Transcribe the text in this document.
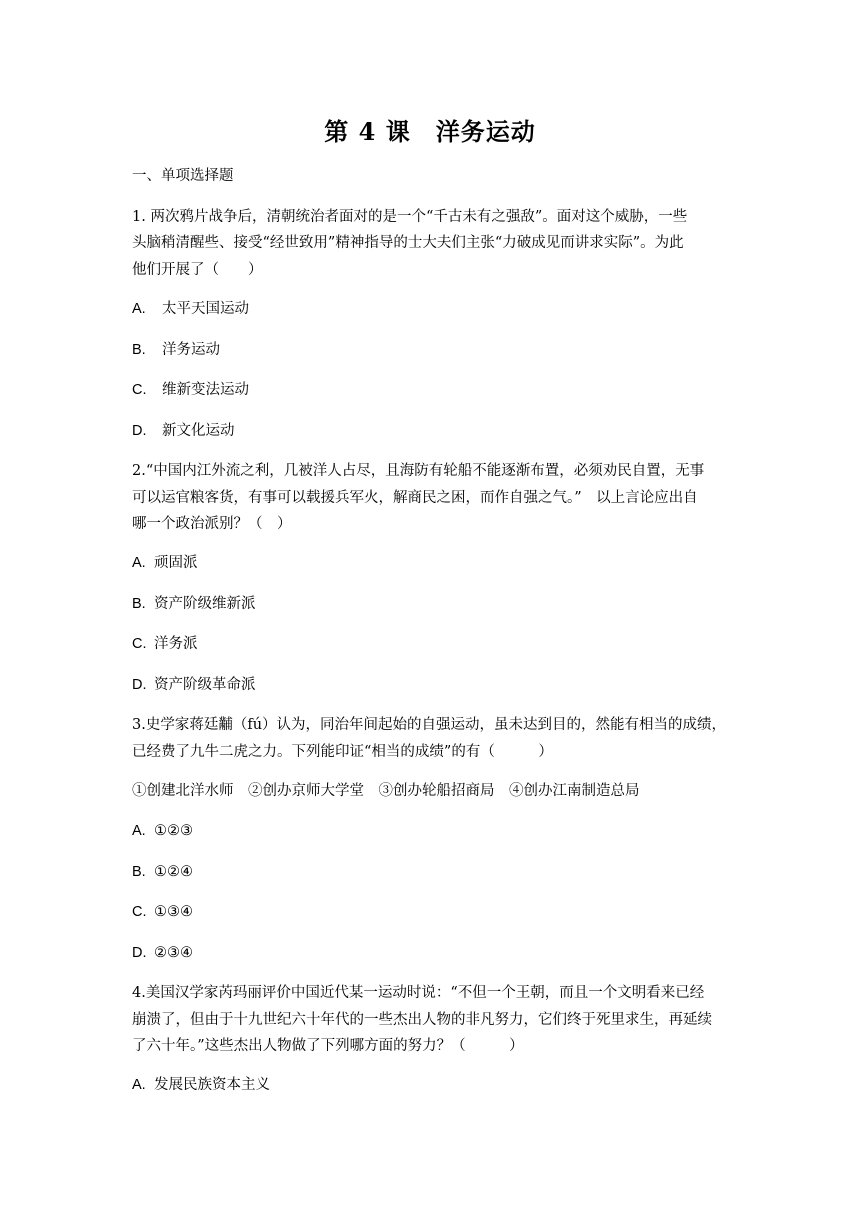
第 4 课　洋务运动
一、单项选择题
1. 两次鸦片战争后，清朝统治者面对的是一个“千古未有之强敌”。面对这个威胁，一些
头脑稍清醒些、接受“经世致用”精神指导的士大夫们主张“力破成见而讲求实际”。为此
他们开展了（　　）
A. 太平天国运动
B. 洋务运动
C. 维新变法运动
D. 新文化运动
2.“中国内江外流之利，几被洋人占尽，且海防有轮船不能逐渐布置，必须劝民自置，无事
可以运官粮客货，有事可以载援兵军火，解商民之困，而作自强之气。”　以上言论应出自
哪一个政治派别？（　）
A. 顽固派
B. 资产阶级维新派
C. 洋务派
D. 资产阶级革命派
3.史学家蒋廷黼（fú）认为，同治年间起始的自强运动，虽未达到目的，然能有相当的成绩，
已经费了九牛二虎之力。下列能印证“相当的成绩”的有（　　　）
①创建北洋水师　②创办京师大学堂　③创办轮船招商局　④创办江南制造总局
A. ①②③
B. ①②④
C. ①③④
D. ②③④
4.美国汉学家芮玛丽评价中国近代某一运动时说：“不但一个王朝，而且一个文明看来已经
崩溃了，但由于十九世纪六十年代的一些杰出人物的非凡努力，它们终于死里求生，再延续
了六十年。”这些杰出人物做了下列哪方面的努力？（　　　）
A. 发展民族资本主义
